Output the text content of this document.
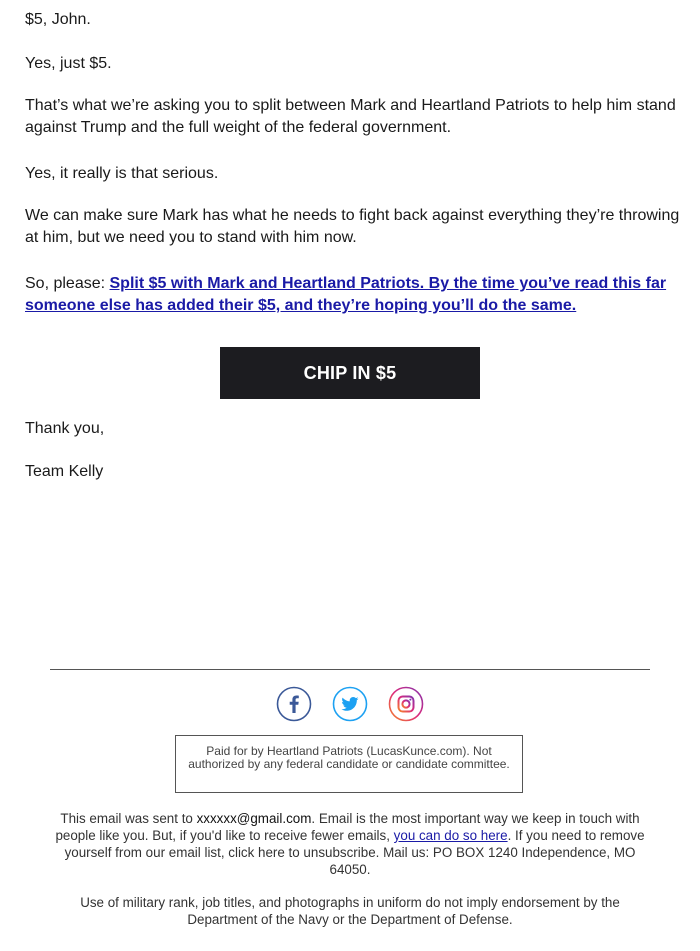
$5, John.

Yes, just $5.

That’s what we’re asking you to split between Mark and Heartland Patriots to help him stand against Trump and the full weight of the federal government.

Yes, it really is that serious.

We can make sure Mark has what he needs to fight back against everything they’re throwing at him, but we need you to stand with him now.

So, please: Split $5 with Mark and Heartland Patriots. By the time you’ve read this far someone else has added their $5, and they’re hoping you’ll do the same.

Thank you,

Team Kelly

CHIP IN $5
Paid for by Heartland Patriots (LucasKunce.com). Not authorized by any federal candidate or candidate committee.
This email was sent to xxxxxx@gmail.com. Email is the most important way we keep in touch with people like you. But, if you'd like to receive fewer emails, you can do so here. If you need to remove yourself from our email list, click here to unsubscribe. Mail us: PO BOX 1240 Independence, MO 64050.
Use of military rank, job titles, and photographs in uniform do not imply endorsement by the Department of the Navy or the Department of Defense.
